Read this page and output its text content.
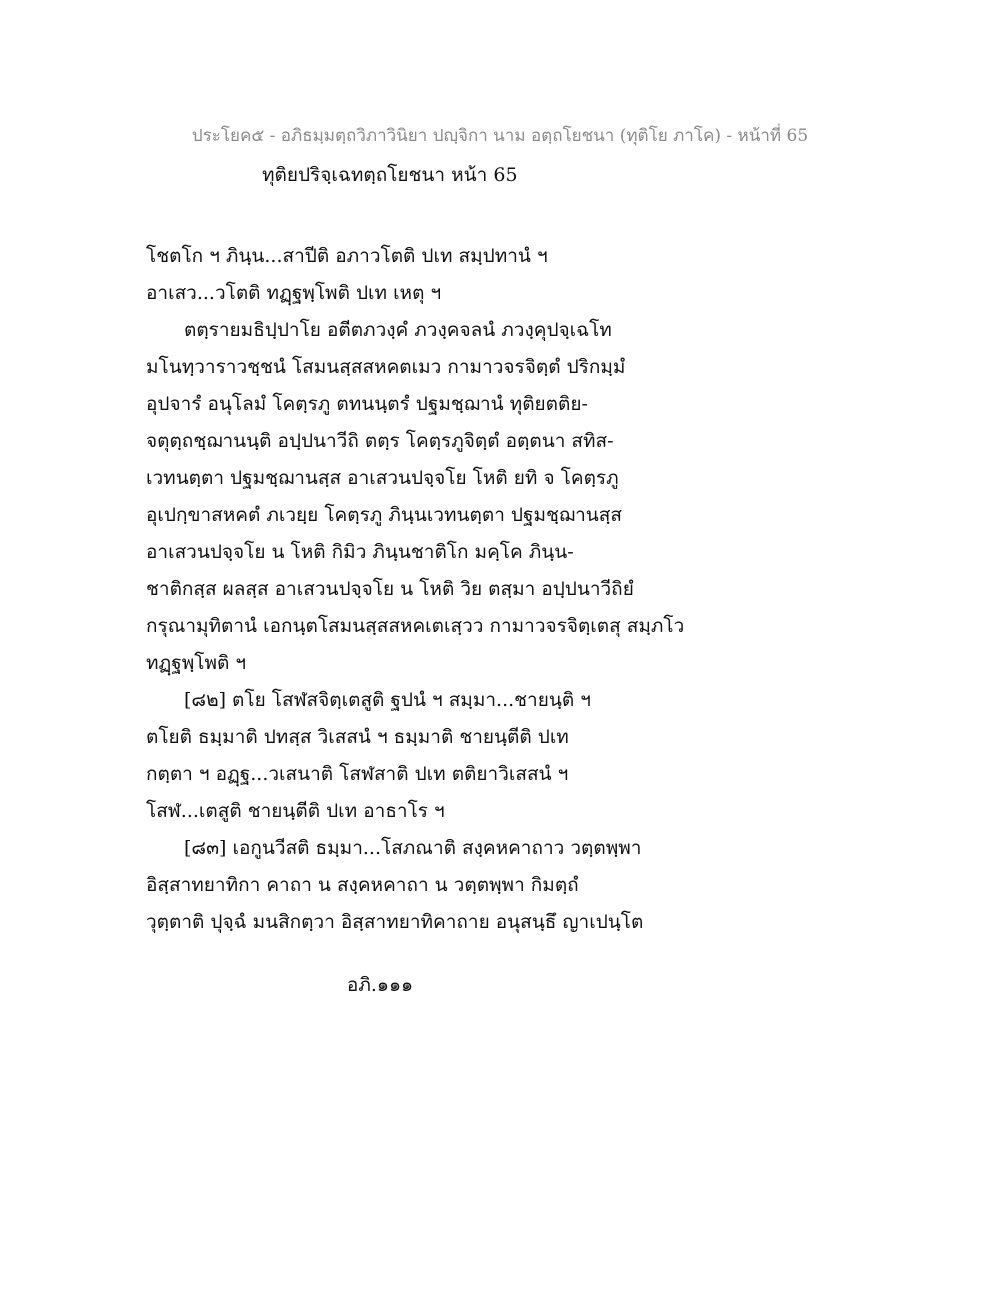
ประโยค๕ - อภิธมฺมตฺถวิภาวินิยา ปญฺจิกา นาม อตฺถโยชนา (ทุติโย ภาโค) - หน้าที่ 65
ทุติยปริจฺเฉทตฺถโยชนา หน้า 65
โชตโก ฯ ภินฺน...สาปีติ อภาวโตติ ปเท สมฺปทานํ ฯ
อาเสว...วโตติ ทฏฺฐพฺโพติ ปเท เหตุ ฯ
ตตฺรายมธิปฺปาโย อตีตภวงฺคํ ภวงฺคจลนํ ภวงฺคุปจฺเฉโท
มโนทฺวาราวชฺชนํ โสมนสฺสสหคตเมว กามาวจรจิตฺตํ ปริกมฺมํ
อุปจารํ อนุโลมํ โคตฺรภู ตทนนฺตรํ ปฐมชฺฌานํ ทุติยตติย-
จตุตฺถชฺฌานนฺติ อปฺปนาวีถิ ตตฺร โคตฺรภูจิตฺตํ อตฺตนา สทิส-
เวทนตฺตา ปฐมชฺฌานสฺส อาเสวนปจฺจโย โหติ ยทิ จ โคตฺรภู
อุเปกฺขาสหคตํ ภเวยฺย โคตฺรภู ภินฺนเวทนตฺตา ปฐมชฺฌานสฺส
อาเสวนปจฺจโย น โหติ กิมิว ภินฺนชาติโก มคฺโค ภินฺน-
ชาติกสฺส ผลสฺส อาเสวนปจฺจโย น โหติ วิย ตสฺมา อปฺปนาวีถิยํ
กรุณามุทิตานํ เอกนฺตโสมนสฺสสหคเตเสฺวว กามาวจรจิตฺเตสุ สมฺภโว
ทฏฺฐพฺโพติ ฯ
[๘๒] ตโย โสฬสจิตฺเตสูติ ฐปนํ ฯ สมฺมา...ชายนฺติ ฯ
ตโยติ ธมฺมาติ ปทสฺส วิเสสนํ ฯ ธมฺมาติ ชายนฺตีติ ปเท
กตฺตา ฯ อฏฺฐ...วเสนาติ โสฬสาติ ปเท ตติยาวิเสสนํ ฯ
โสฬ...เตสูติ ชายนฺตีติ ปเท อาธาโร ฯ
[๘๓] เอกูนวีสติ ธมฺมา...โสภณาติ สงฺคหคาถาว วตฺตพฺพา
อิสฺสาทยาทิกา คาถา น สงฺคหคาถา น วตฺตพฺพา กิมตฺถํ
วุตฺตาติ ปุจฺฉํ มนสิกตฺวา อิสฺสาทยาทิคาถาย อนุสนฺธึ ญาเปนฺโต
อภิ.๑๑๑
